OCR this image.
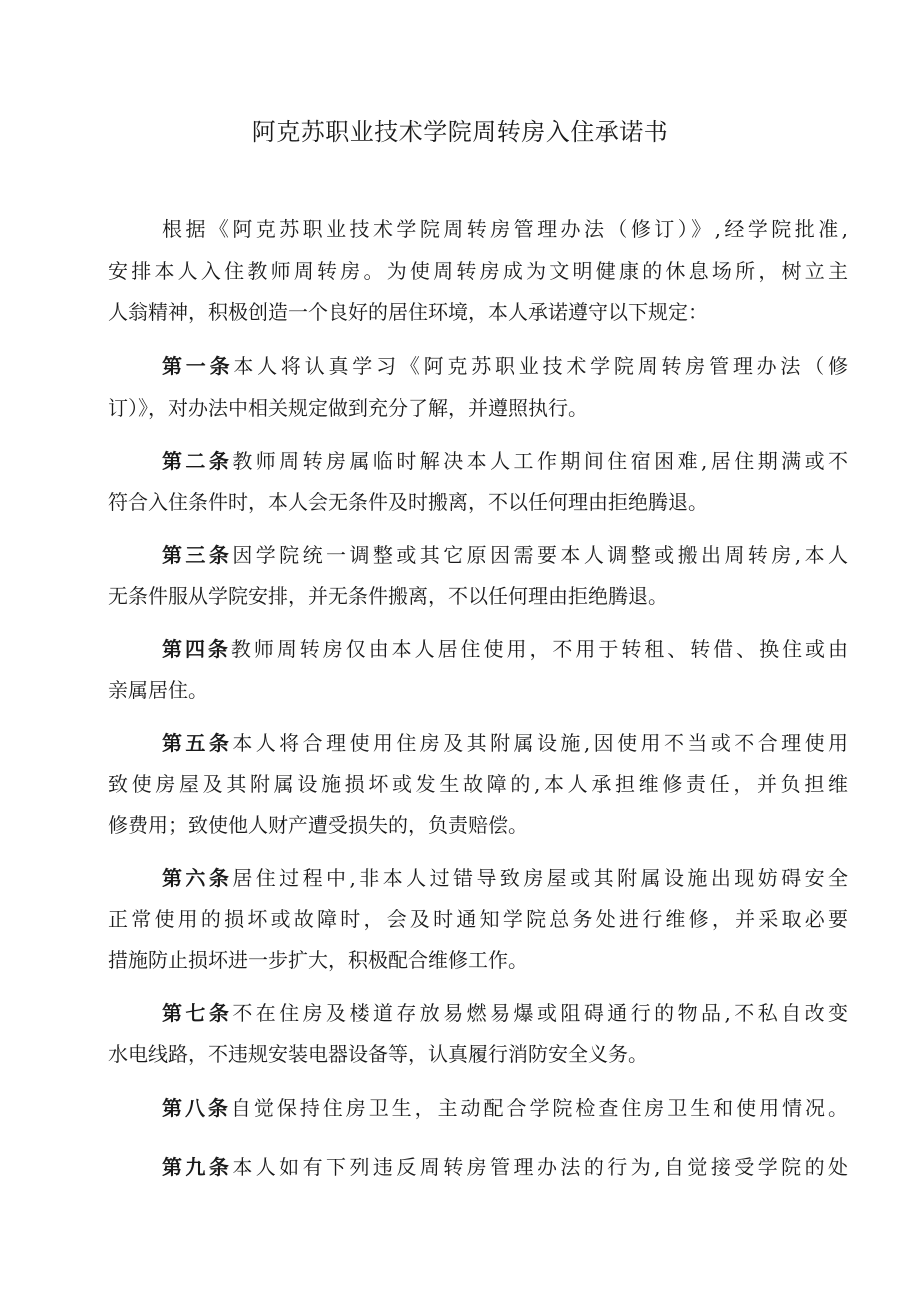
阿克苏职业技术学院周转房入住承诺书

根据《阿克苏职业技术学院周转房管理办法（修订）》,经学院批准,

安排本人入住教师周转房。为使周转房成为文明健康的休息场所，树立主

人翁精神，积极创造一个良好的居住环境，本人承诺遵守以下规定：

第一条本人将认真学习《阿克苏职业技术学院周转房管理办法（修

订）》，对办法中相关规定做到充分了解，并遵照执行。

第二条教师周转房属临时解决本人工作期间住宿困难,居住期满或不

符合入住条件时，本人会无条件及时搬离，不以任何理由拒绝腾退。

第三条因学院统一调整或其它原因需要本人调整或搬出周转房,本人

无条件服从学院安排，并无条件搬离，不以任何理由拒绝腾退。

第四条教师周转房仅由本人居住使用，不用于转租、转借、换住或由

亲属居住。

第五条本人将合理使用住房及其附属设施,因使用不当或不合理使用

致使房屋及其附属设施损坏或发生故障的,本人承担维修责任，并负担维

修费用；致使他人财产遭受损失的，负责赔偿。

第六条居住过程中,非本人过错导致房屋或其附属设施出现妨碍安全

正常使用的损坏或故障时，会及时通知学院总务处进行维修，并采取必要

措施防止损坏进一步扩大，积极配合维修工作。

第七条不在住房及楼道存放易燃易爆或阻碍通行的物品,不私自改变

水电线路，不违规安装电器设备等，认真履行消防安全义务。

第八条自觉保持住房卫生，主动配合学院检查住房卫生和使用情况。

第九条本人如有下列违反周转房管理办法的行为,自觉接受学院的处
